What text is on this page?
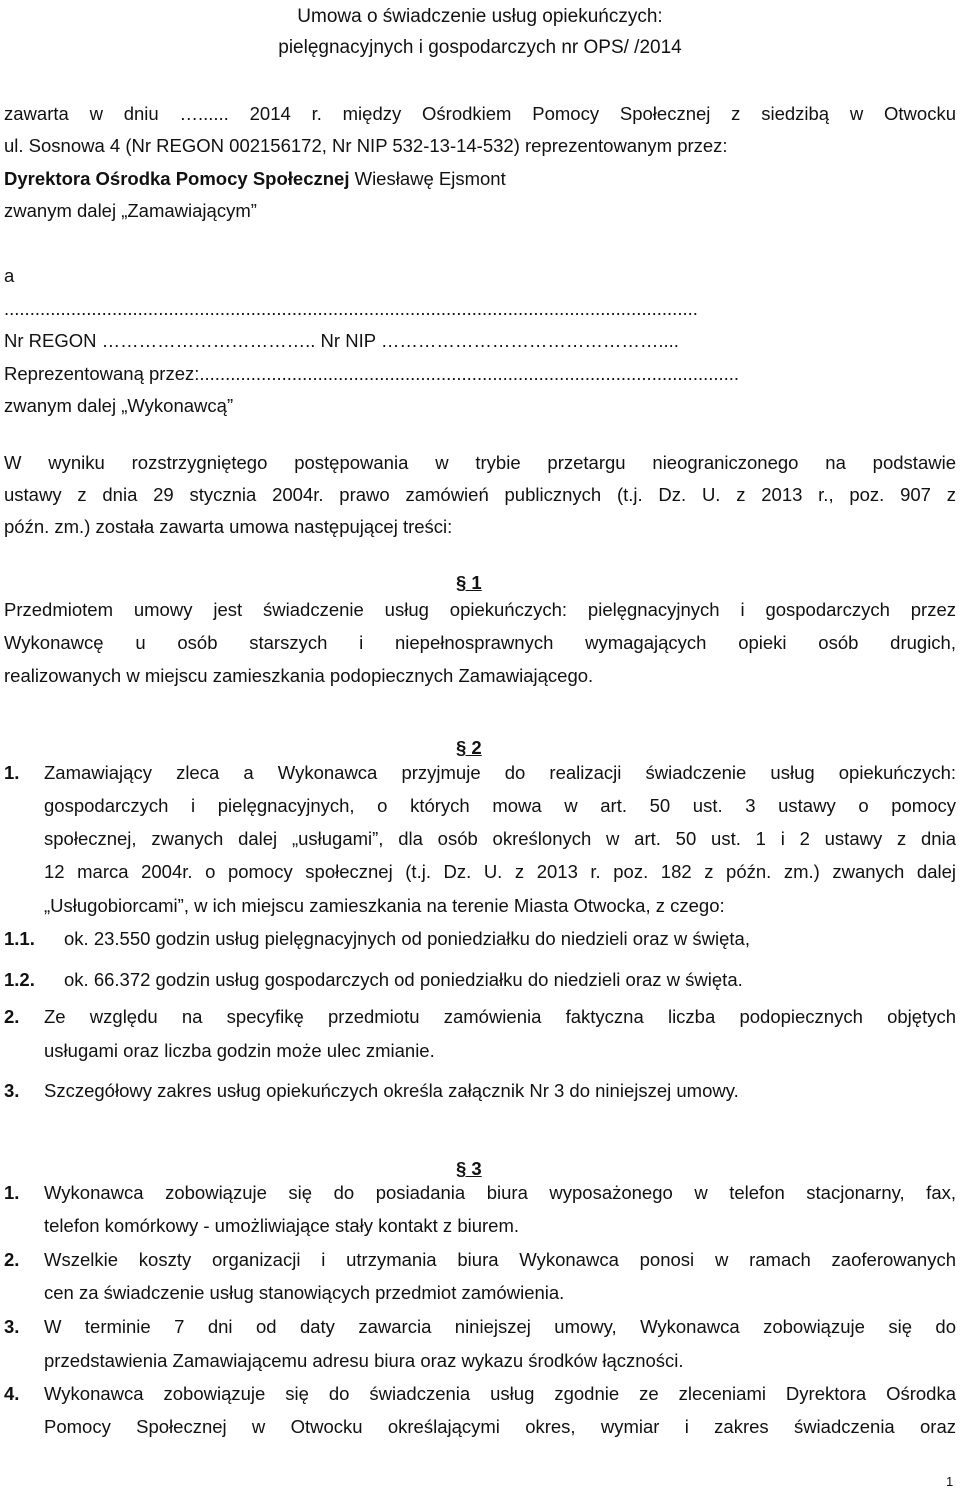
Umowa o świadczenie usług opiekuńczych:
pielęgnacyjnych i gospodarczych nr OPS/ /2014
zawarta w dniu …...... 2014 r. między Ośrodkiem Pomocy Społecznej z siedzibą w Otwocku
ul. Sosnowa 4 (Nr REGON 002156172, Nr NIP 532-13-14-532) reprezentowanym przez:
Dyrektora Ośrodka Pomocy Społecznej Wiesławę Ejsmont
zwanym dalej „Zamawiającym”
a
.......................................................................................................................................
Nr REGON …………………………….. Nr NIP ………………………………………....
Reprezentowaną przez:.........................................................................................................
zwanym dalej „Wykonawcą”
W wyniku rozstrzygniętego postępowania w trybie przetargu nieograniczonego na podstawie
ustawy z dnia 29 stycznia 2004r. prawo zamówień publicznych (t.j. Dz. U. z 2013 r., poz. 907 z
późn. zm.) została zawarta umowa następującej treści:
§ 1
Przedmiotem umowy jest świadczenie usług opiekuńczych: pielęgnacyjnych i gospodarczych przez
Wykonawcę u osób starszych i niepełnosprawnych wymagających opieki osób drugich,
realizowanych w miejscu zamieszkania podopiecznych Zamawiającego.
§ 2
1. Zamawiający zleca a Wykonawca przyjmuje do realizacji świadczenie usług opiekuńczych:
gospodarczych i pielęgnacyjnych, o których mowa w art. 50 ust. 3 ustawy o pomocy
społecznej, zwanych dalej „usługami”, dla osób określonych w art. 50 ust. 1 i 2 ustawy z dnia
12 marca 2004r. o pomocy społecznej (t.j. Dz. U. z 2013 r. poz. 182 z późn. zm.) zwanych dalej
„Usługobiorcami”, w ich miejscu zamieszkania na terenie Miasta Otwocka, z czego:
1.1. ok. 23.550 godzin usług pielęgnacyjnych od poniedziałku do niedzieli oraz w święta,
1.2. ok. 66.372 godzin usług gospodarczych od poniedziałku do niedzieli oraz w święta.
2. Ze względu na specyfikę przedmiotu zamówienia faktyczna liczba podopiecznych objętych
usługami oraz liczba godzin może ulec zmianie.
3. Szczegółowy zakres usług opiekuńczych określa załącznik Nr 3 do niniejszej umowy.
§ 3
1. Wykonawca zobowiązuje się do posiadania biura wyposażonego w telefon stacjonarny, fax,
telefon komórkowy - umożliwiające stały kontakt z biurem.
2. Wszelkie koszty organizacji i utrzymania biura Wykonawca ponosi w ramach zaoferowanych
cen za świadczenie usług stanowiących przedmiot zamówienia.
3. W terminie 7 dni od daty zawarcia niniejszej umowy, Wykonawca zobowiązuje się do
przedstawienia Zamawiającemu adresu biura oraz wykazu środków łączności.
4. Wykonawca zobowiązuje się do świadczenia usług zgodnie ze zleceniami Dyrektora Ośrodka
Pomocy Społecznej w Otwocku określającymi okres, wymiar i zakres świadczenia oraz
1
